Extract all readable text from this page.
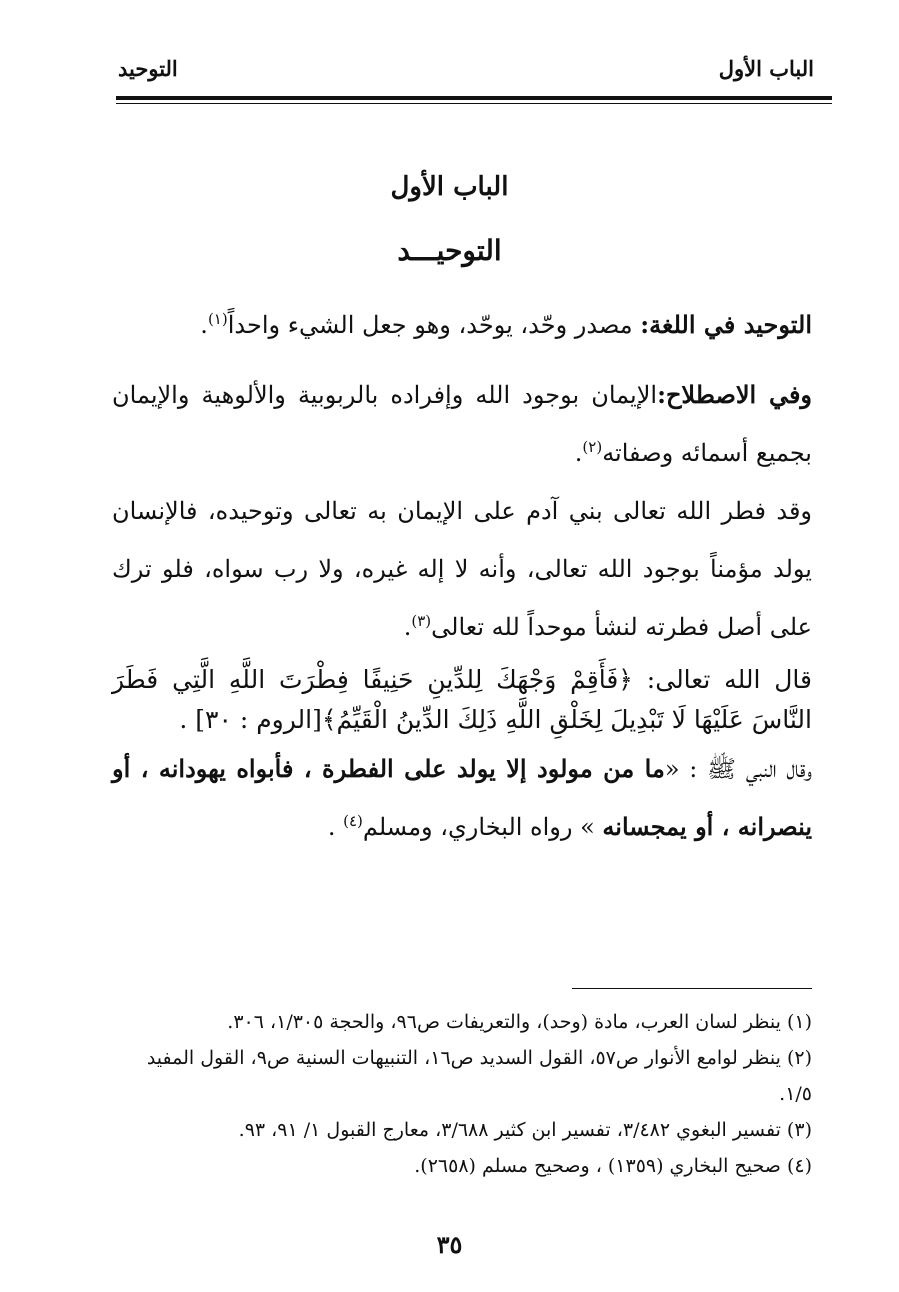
الباب الأول
التوحيد
الباب الأول
التوحيـــد

التوحيد في اللغة: مصدر وحّد، يوحّد، وهو جعل الشيء واحداً$^{(١)}$.

وفي الاصطلاح:الإيمان بوجود الله وإفراده بالربوبية والألوهية والإيمان بجميع أسمائه وصفاته$^{(٢)}$.

وقد فطر الله تعالى بني آدم على الإيمان به تعالى وتوحيده، فالإنسان يولد مؤمناً بوجود الله تعالى، وأنه لا إله غيره، ولا رب سواه، فلو ترك على أصل فطرته لنشأ موحداً لله تعالى$^{(٣)}$.

قال الله تعالى: ﴿فَأَقِمْ وَجْهَكَ لِلدِّينِ حَنِيفًا فِطْرَتَ اللَّهِ الَّتِي فَطَرَ النَّاسَ عَلَيْهَا لَا تَبْدِيلَ لِخَلْقِ اللَّهِ ذَلِكَ الدِّينُ الْقَيِّمُ﴾[الروم : ٣٠] .

وقال النبي ﷺ : «ما من مولود إلا يولد على الفطرة ، فأبواه يهودانه ، أو ينصرانه ، أو يمجسانه » رواه البخاري، ومسلم$^{(٤)}$ .

(١) ينظر لسان العرب، مادة (وحد)، والتعريفات ص٩٦، والحجة ١/٣٠٥، ٣٠٦.

(٢) ينظر لوامع الأنوار ص٥٧، القول السديد ص١٦، التنبيهات السنية ص٩، القول المفيد ١/٥.

(٣) تفسير البغوي ٣/٤٨٢، تفسير ابن كثير ٣/٦٨٨، معارج القبول ١/ ٩١، ٩٣.

(٤) صحيح البخاري (١٣٥٩) ، وصحيح مسلم (٢٦٥٨).

٣٥
